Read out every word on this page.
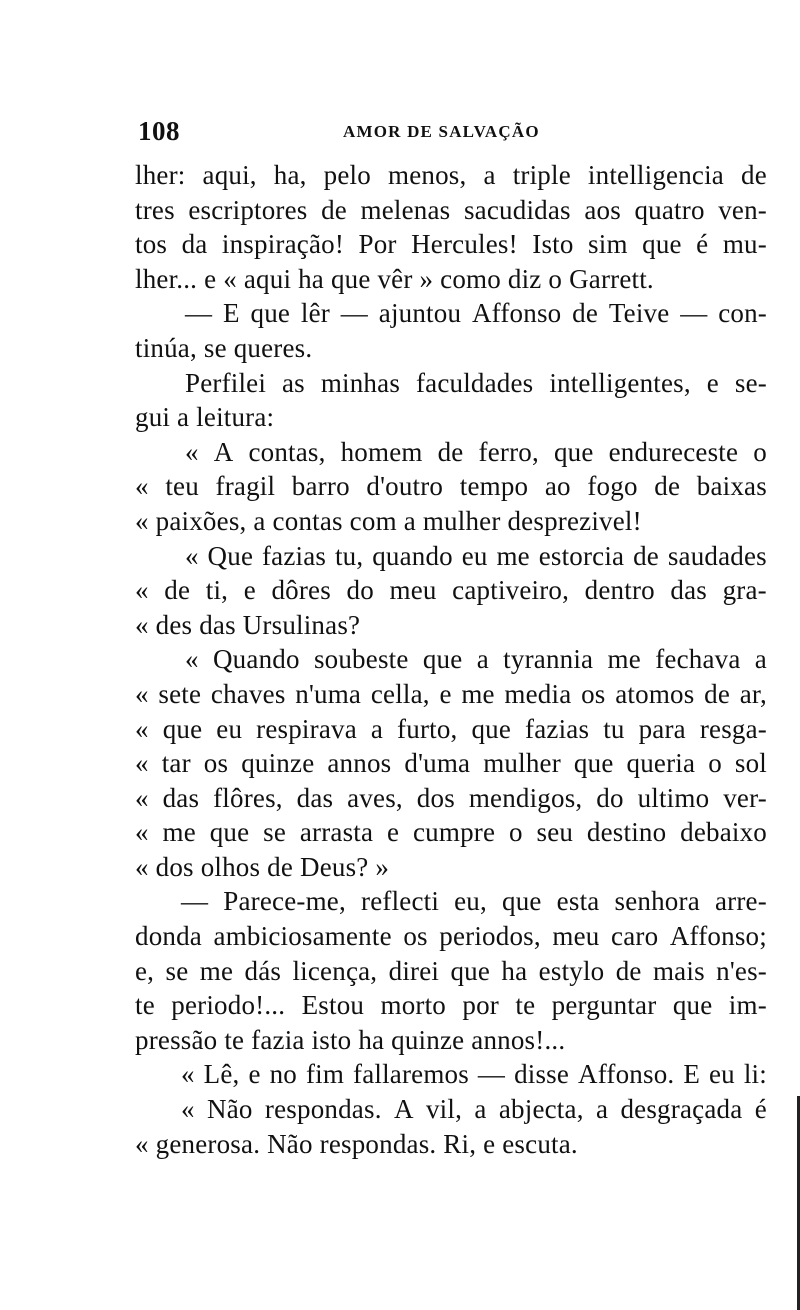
108	AMOR DE SALVAÇÃO
lher: aqui, ha, pelo menos, a triple intelligencia de
tres escriptores de melenas sacudidas aos quatro ven-
tos da inspiração! Por Hercules! Isto sim que é mu-
lher... e « aqui ha que vêr » como diz o Garrett.
— E que lêr — ajuntou Affonso de Teive — con-
tinúa, se queres.
Perfilei as minhas faculdades intelligentes, e se-
gui a leitura:
« A contas, homem de ferro, que endureceste o
« teu fragil barro d'outro tempo ao fogo de baixas
« paixões, a contas com a mulher desprezivel!
« Que fazias tu, quando eu me estorcia de saudades
« de ti, e dôres do meu captiveiro, dentro das gra-
« des das Ursulinas?
« Quando soubeste que a tyrannia me fechava a
« sete chaves n'uma cella, e me media os atomos de ar,
« que eu respirava a furto, que fazias tu para resga-
« tar os quinze annos d'uma mulher que queria o sol
« das flôres, das aves, dos mendigos, do ultimo ver-
« me que se arrasta e cumpre o seu destino debaixo
« dos olhos de Deus? »
— Parece-me, reflecti eu, que esta senhora arre-
donda ambiciosamente os periodos, meu caro Affonso;
e, se me dás licença, direi que ha estylo de mais n'es-
te periodo!... Estou morto por te perguntar que im-
pressão te fazia isto ha quinze annos!...
« Lê, e no fim fallaremos — disse Affonso. E eu li:
« Não respondas. A vil, a abjecta, a desgraçada é
« generosa. Não respondas. Ri, e escuta.
